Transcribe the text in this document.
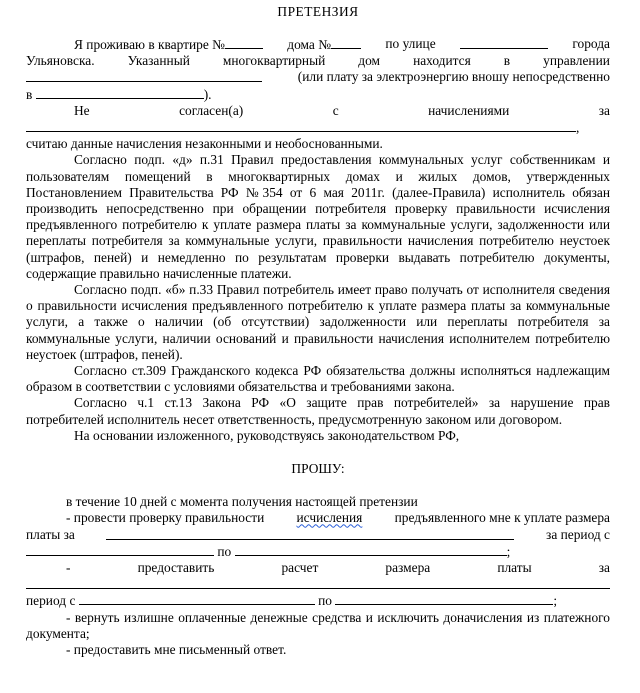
ПРЕТЕНЗИЯ
Я проживаю в квартире №	дома №	по улице	города
Ульяновска. Указанный многоквартирный дом находится в управлении
(или плату за электроэнергию вношу непосредственно
в	).
Не	согласен(а)	с	начислениями	за
,
считаю данные начисления незаконными и необоснованными.
Согласно подп. «д» п.31 Правил предоставления коммунальных услуг собственникам и пользователям помещений в многоквартирных домах и жилых домов, утвержденных Постановлением Правительства РФ №354 от 6 мая 2011г. (далее-Правила) исполнитель обязан производить непосредственно при обращении потребителя проверку правильности исчисления предъявленного потребителю к уплате размера платы за коммунальные услуги, задолженности или переплаты потребителя за коммунальные услуги, правильности начисления потребителю неустоек (штрафов, пеней) и немедленно по результатам проверки выдавать потребителю документы, содержащие правильно начисленные платежи.
Согласно подп. «б» п.33 Правил потребитель имеет право получать от исполнителя сведения о правильности исчисления предъявленного потребителю к уплате размера платы за коммунальные услуги, а также о наличии (об отсутствии) задолженности или переплаты потребителя за коммунальные услуги, наличии оснований и правильности начисления исполнителем потребителю неустоек (штрафов, пеней).
Согласно ст.309 Гражданского кодекса РФ обязательства должны исполняться надлежащим образом в соответствии с условиями обязательства и требованиями закона.
Согласно ч.1 ст.13 Закона РФ «О защите прав потребителей» за нарушение прав потребителей исполнитель несет ответственность, предусмотренную законом или договором.
На основании изложенного, руководствуясь законодательством РФ,
ПРОШУ:
в течение 10 дней с момента получения настоящей претензии
- провести проверку правильности исчисления предъявленного мне к уплате размера
платы за	за период с
по	;
-	предоставить	расчет	размера	платы	за
период с	по	;
- вернуть излишне оплаченные денежные средства и исключить доначисления из платежного документа;
- предоставить мне письменный ответ.
